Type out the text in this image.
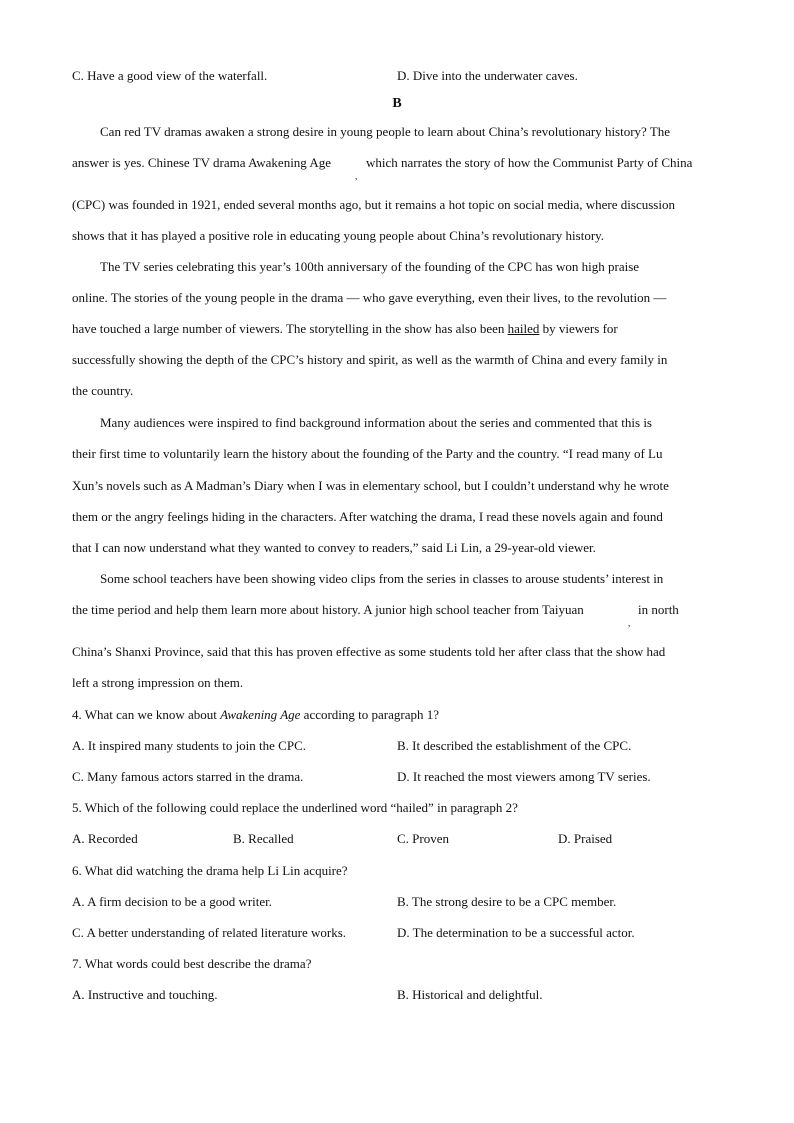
C. Have a good view of the waterfall.	D. Dive into the underwater caves.
B
Can red TV dramas awaken a strong desire in young people to learn about China’s revolutionary history? The
answer is yes. Chinese TV drama Awakening Age
,
which narrates the story of how the Communist Party of China
(CPC) was founded in 1921, ended several months ago, but it remains a hot topic on social media, where discussion
shows that it has played a positive role in educating young people about China’s revolutionary history.
The TV series celebrating this year’s 100th anniversary of the founding of the CPC has won high praise
online. The stories of the young people in the drama — who gave everything, even their lives, to the revolution —
have touched a large number of viewers. The storytelling in the show has also been hailed by viewers for
successfully showing the depth of the CPC’s history and spirit, as well as the warmth of China and every family in
the country.
Many audiences were inspired to find background information about the series and commented that this is
their first time to voluntarily learn the history about the founding of the Party and the country. “I read many of Lu
Xun’s novels such as A Madman’s Diary when I was in elementary school, but I couldn’t understand why he wrote
them or the angry feelings hiding in the characters. After watching the drama, I read these novels again and found
that I can now understand what they wanted to convey to readers,” said Li Lin, a 29-year-old viewer.
Some school teachers have been showing video clips from the series in classes to arouse students’ interest in
the time period and help them learn more about history. A junior high school teacher from Taiyuan
,
in north
China’s Shanxi Province, said that this has proven effective as some students told her after class that the show had
left a strong impression on them.
4. What can we know about Awakening Age according to paragraph 1?
A. It inspired many students to join the CPC.	B. It described the establishment of the CPC.
C. Many famous actors starred in the drama.	D. It reached the most viewers among TV series.
5. Which of the following could replace the underlined word “hailed” in paragraph 2?
A. Recorded	B. Recalled	C. Proven	D. Praised
6. What did watching the drama help Li Lin acquire?
A. A firm decision to be a good writer.	B. The strong desire to be a CPC member.
C. A better understanding of related literature works.	D. The determination to be a successful actor.
7. What words could best describe the drama?
A. Instructive and touching.	B. Historical and delightful.
